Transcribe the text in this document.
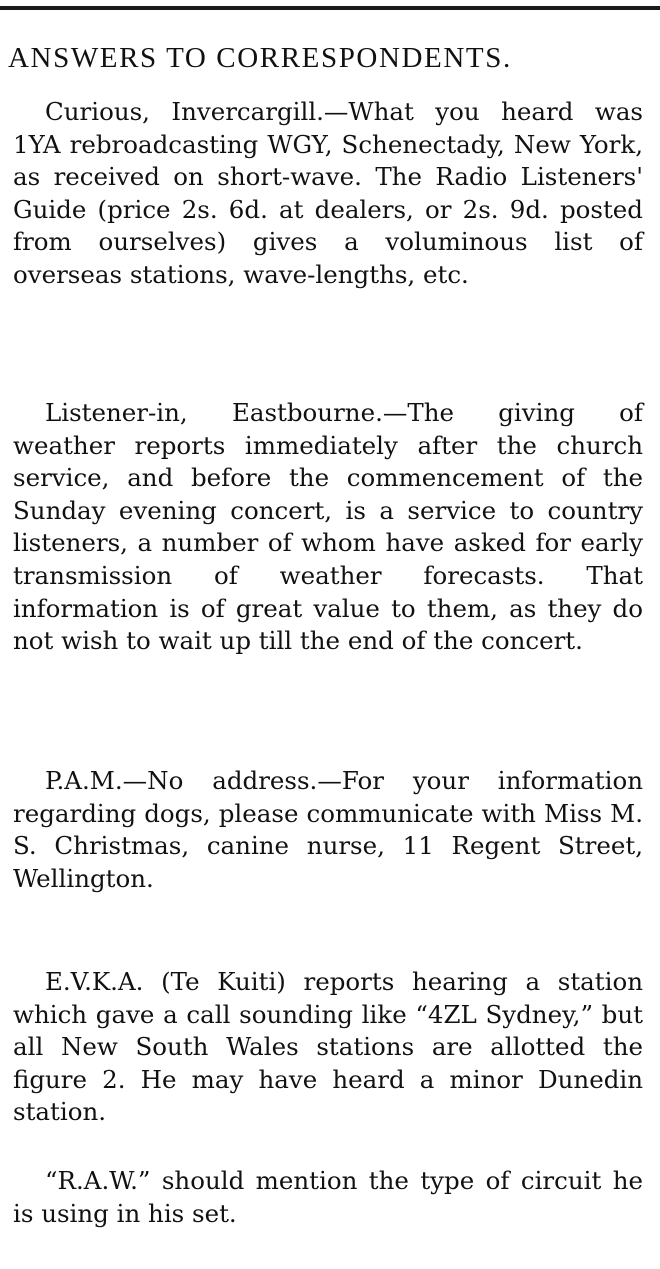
ANSWERS TO CORRESPONDENTS.

Curious, Invercargill.—What you heard was 1YA rebroadcasting WGY, Schenectady, New York, as received on short-wave. The Radio Listeners' Guide (price 2s. 6d. at dealers, or 2s. 9d. posted from ourselves) gives a voluminous list of overseas stations, wave-lengths, etc.

Listener-in, Eastbourne.—The giving of weather reports immediately after the church service, and before the commencement of the Sunday evening concert, is a service to country listeners, a number of whom have asked for early transmission of weather forecasts. That information is of great value to them, as they do not wish to wait up till the end of the concert.

P.A.M.—No address.—For your information regarding dogs, please communicate with Miss M. S. Christmas, canine nurse, 11 Regent Street, Wellington.

E.V.K.A. (Te Kuiti) reports hearing a station which gave a call sounding like “4ZL Sydney,” but all New South Wales stations are allotted the figure 2. He may have heard a minor Dunedin station.

“R.A.W.” should mention the type of circuit he is using in his set.
